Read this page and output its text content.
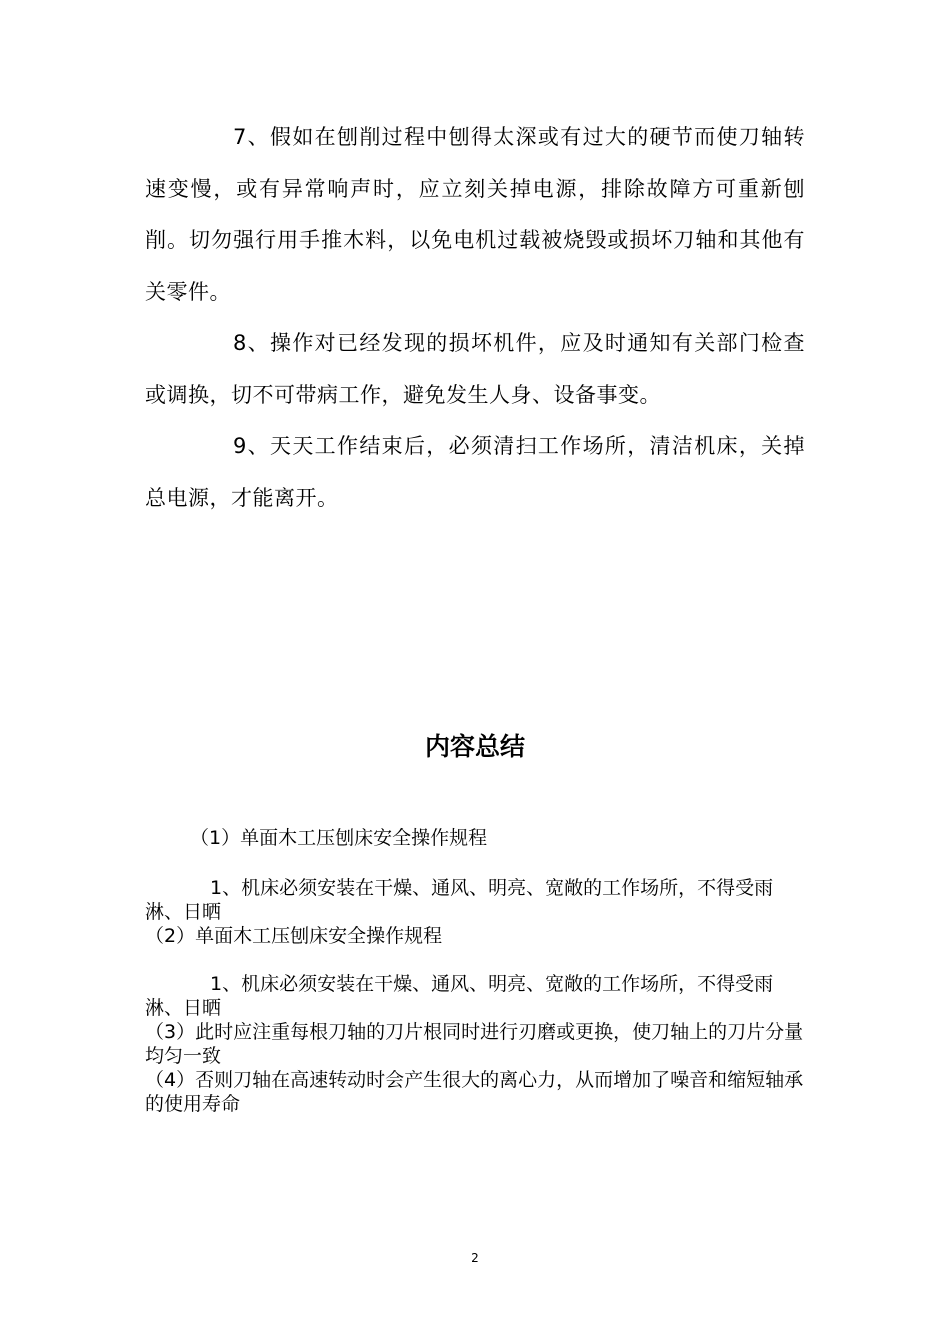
7、假如在刨削过程中刨得太深或有过大的硬节而使刀轴转速变慢，或有异常响声时，应立刻关掉电源，排除故障方可重新刨削。切勿强行用手推木料，以免电机过载被烧毁或损坏刀轴和其他有关零件。

8、操作对已经发现的损坏机件，应及时通知有关部门检查或调换，切不可带病工作，避免发生人身、设备事变。

9、天天工作结束后，必须清扫工作场所，清洁机床，关掉总电源，才能离开。

内容总结

（1）单面木工压刨床安全操作规程

1、机床必须安装在干燥、通风、明亮、宽敞的工作场所，不得受雨淋、日晒

（2）单面木工压刨床安全操作规程

1、机床必须安装在干燥、通风、明亮、宽敞的工作场所，不得受雨淋、日晒

（3）此时应注重每根刀轴的刀片根同时进行刃磨或更换，使刀轴上的刀片分量均匀一致

（4）否则刀轴在高速转动时会产生很大的离心力，从而增加了噪音和缩短轴承的使用寿命

2
